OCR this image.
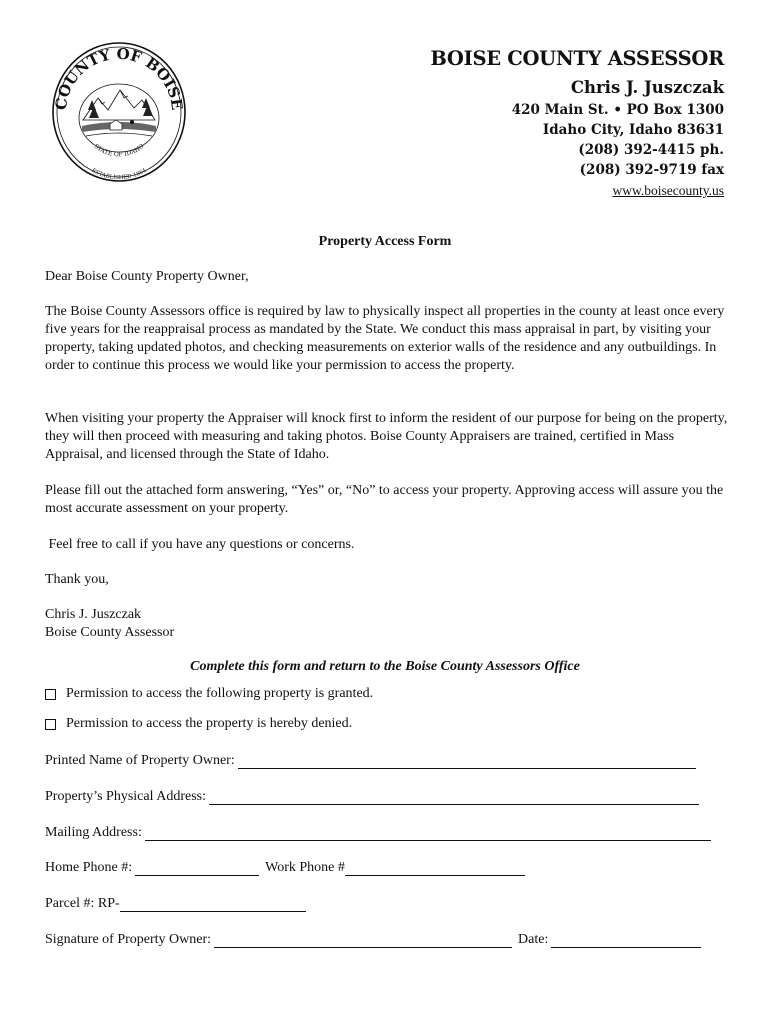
COUNTY OF BOISE
STATE OF IDAHO
ESTABLISHED 1864
BOISE COUNTY ASSESSOR
Chris J. Juszczak
420 Main St. • PO Box 1300
Idaho City, Idaho 83631
(208) 392-4415 ph.
(208) 392-9719 fax
www.boisecounty.us
Property Access Form
Dear Boise County Property Owner,
The Boise County Assessors office is required by law to physically inspect all properties in the county at least once every five years for the reappraisal process as mandated by the State. We conduct this mass appraisal in part, by visiting your property, taking updated photos, and checking measurements on exterior walls of the residence and any outbuildings. In order to continue this process we would like your permission to access the property.
When visiting your property the Appraiser will knock first to inform the resident of our purpose for being on the property, they will then proceed with measuring and taking photos. Boise County Appraisers are trained, certified in Mass Appraisal, and licensed through the State of Idaho.
Please fill out the attached form answering, “Yes” or, “No” to access your property. Approving access will assure you the most accurate assessment on your property.
Feel free to call if you have any questions or concerns.
Thank you,
Chris J. Juszczak
Boise County Assessor
Complete this form and return to the Boise County Assessors Office
Permission to access the following property is granted.
Permission to access the property is hereby denied.
Printed Name of Property Owner:
Property’s Physical Address:
Mailing Address:
Home Phone #:	Work Phone #
Parcel #: RP-
Signature of Property Owner:	Date:
